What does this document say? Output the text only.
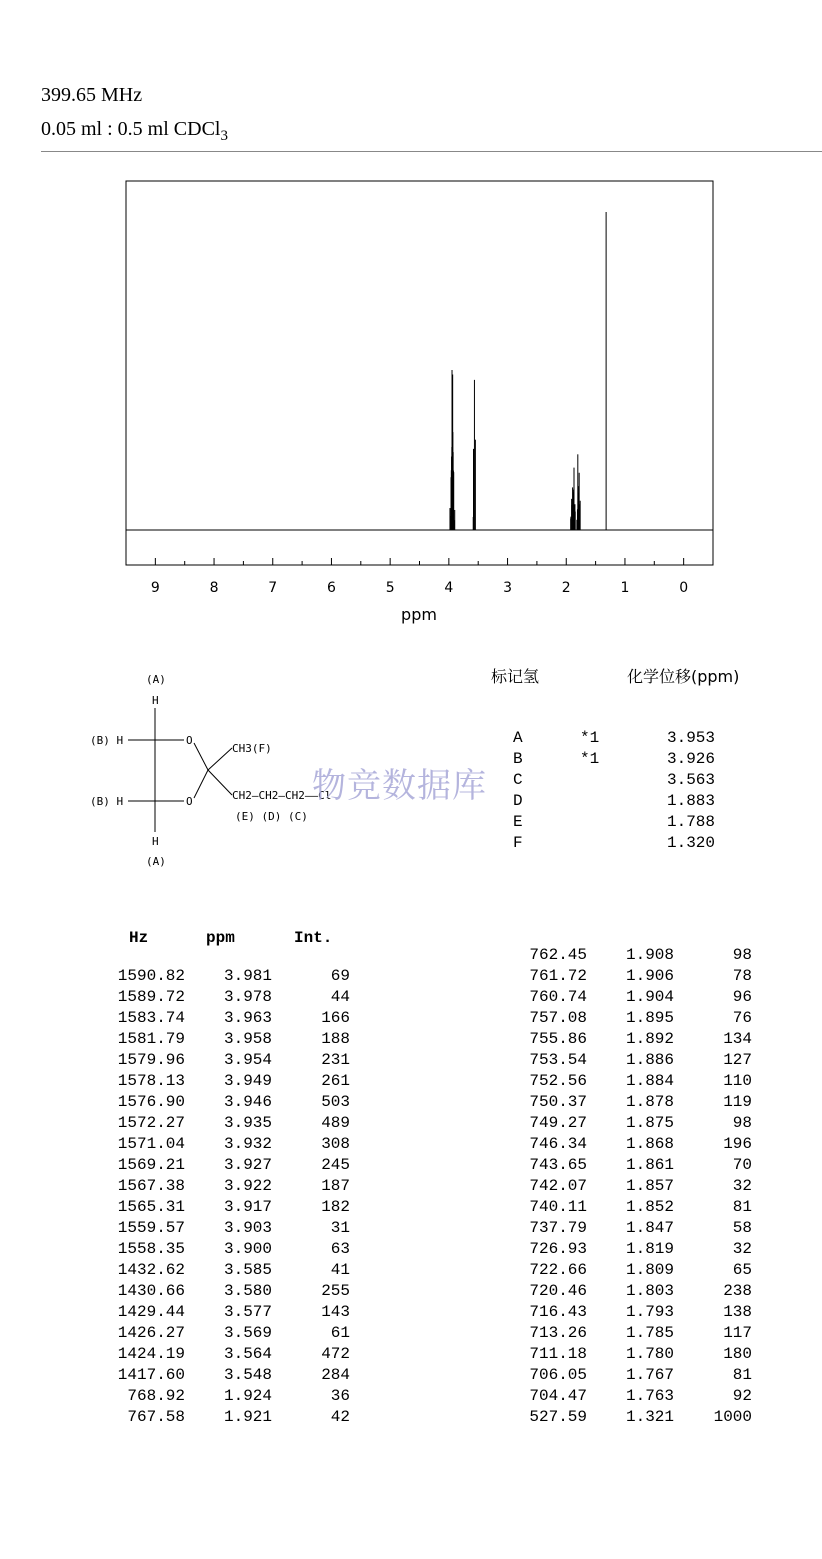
399.65 MHz
0.05 ml : 0.5 ml CDCl$_3$
9	8	7	6	5	4	3	2	1	0
ppm
(A)
H
(B) H	O
CH3(F)
(B) H	O	CH2—CH2—CH2——Cl
(E) (D) (C)
H
(A)
标记氢	化学位移(ppm)
A	*1	3.953
B	*1	3.926
C	3.563
D	1.883
E	1.788
F	1.320
物竞数据库
Hz	ppm	Int.
1590.82 3.981	69
1589.72 3.978	44
1583.74 3.963	166
1581.79 3.958	188
1579.96 3.954	231
1578.13 3.949	261
1576.90 3.946	503
1572.27 3.935	489
1571.04 3.932	308
1569.21 3.927	245
1567.38 3.922	187
1565.31 3.917	182
1559.57 3.903	31
1558.35 3.900	63
1432.62 3.585	41
1430.66 3.580	255
1429.44 3.577	143
1426.27 3.569	61
1424.19 3.564	472
1417.60 3.548	284
768.92 1.924	36
767.58 1.921	42
762.45 1.908	98
761.72 1.906	78
760.74 1.904	96
757.08 1.895	76
755.86 1.892	134
753.54 1.886	127
752.56 1.884	110
750.37 1.878	119
749.27 1.875	98
746.34 1.868	196
743.65 1.861	70
742.07 1.857	32
740.11 1.852	81
737.79 1.847	58
726.93 1.819	32
722.66 1.809	65
720.46 1.803	238
716.43 1.793	138
713.26 1.785	117
711.18 1.780	180
706.05 1.767	81
704.47 1.763	92
527.59 1.321 1000
